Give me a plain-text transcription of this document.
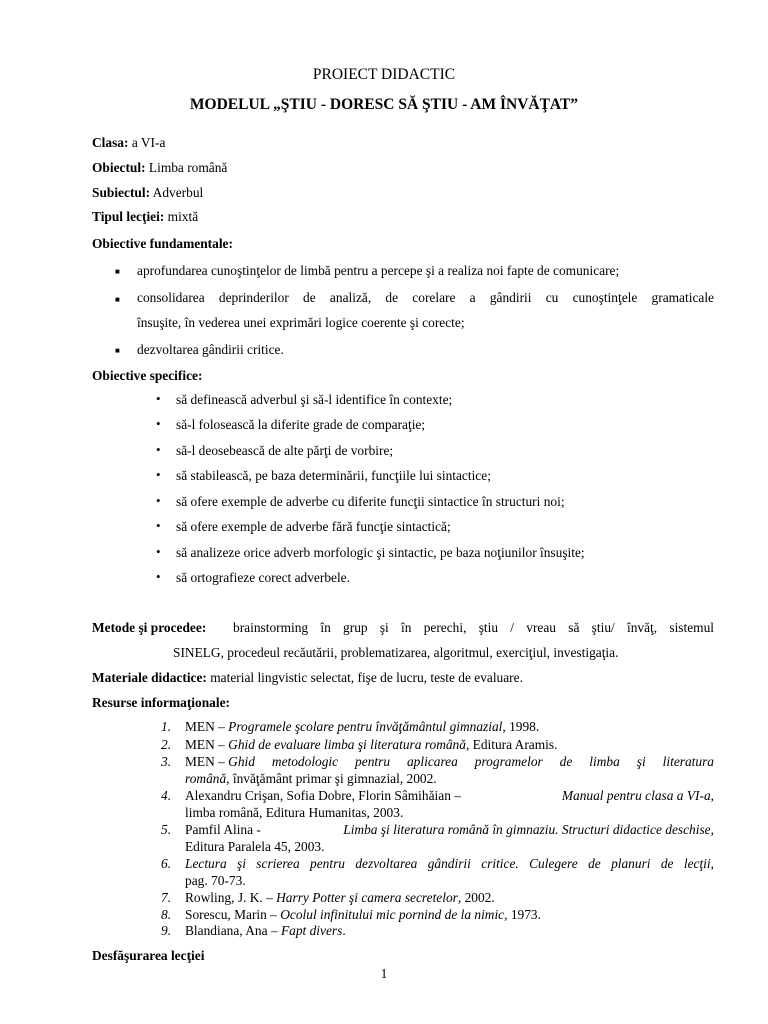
PROIECT DIDACTIC
MODELUL „ŞTIU - DORESC SĂ ŞTIU - AM ÎNVĂŢAT”
Clasa: a VI-a
Obiectul: Limba română
Subiectul: Adverbul
Tipul lecţiei: mixtă
Obiective fundamentale:
■ aprofundarea cunoştinţelor de limbă pentru a percepe şi a realiza noi fapte de comunicare;
■ consolidarea deprinderilor de analiză, de corelare a gândirii cu cunoştinţele gramaticale
însuşite, în vederea unei exprimări logice coerente şi corecte;
■ dezvoltarea gândirii critice.
Obiective specifice:
• să definească adverbul şi să-l identifice în contexte;
• să-l folosească la diferite grade de comparaţie;
• să-l deosebească de alte părţi de vorbire;
• să stabilească, pe baza determinării, funcţiile lui sintactice;
• să ofere exemple de adverbe cu diferite funcţii sintactice în structuri noi;
• să ofere exemple de adverbe fără funcţie sintactică;
• să analizeze orice adverb morfologic şi sintactic, pe baza noţiunilor însuşite;
• să ortografieze corect adverbele.
Metode şi procedee: brainstorming în grup şi în perechi, ştiu / vreau să ştiu/ învăţ, sistemul
SINELG, procedeul recăutării, problematizarea, algoritmul, exerciţiul, investigaţia.
Materiale didactice: material lingvistic selectat, fişe de lucru, teste de evaluare.
Resurse informaţionale:
1. MEN – Programele şcolare pentru învăţământul gimnazial, 1998.
2. MEN – Ghid de evaluare limba şi literatura română, Editura Aramis.
3. MEN – Ghid metodologic pentru aplicarea programelor de limba şi literatura
română, învăţământ primar şi gimnazial, 2002.
4. Alexandru Crişan, Sofia Dobre, Florin Sâmihăian –	Manual pentru clasa a VI-a ,
limba română, Editura Humanitas, 2003.
5. Pamfil Alina -	Limba şi literatura română în gimnaziu. Structuri didactice deschise ,
Editura Paralela 45, 2003.
6. Lectura şi scrierea pentru dezvoltarea gândirii critice. Culegere de planuri de lecţii ,
pag. 70-73.
7. Rowling, J. K. – Harry Potter şi camera secretelor, 2002.
8. Sorescu, Marin – Ocolul infinitului mic pornind de la nimic, 1973.
9. Blandiana, Ana – Fapt divers.
Desfăşurarea lecţiei
1
